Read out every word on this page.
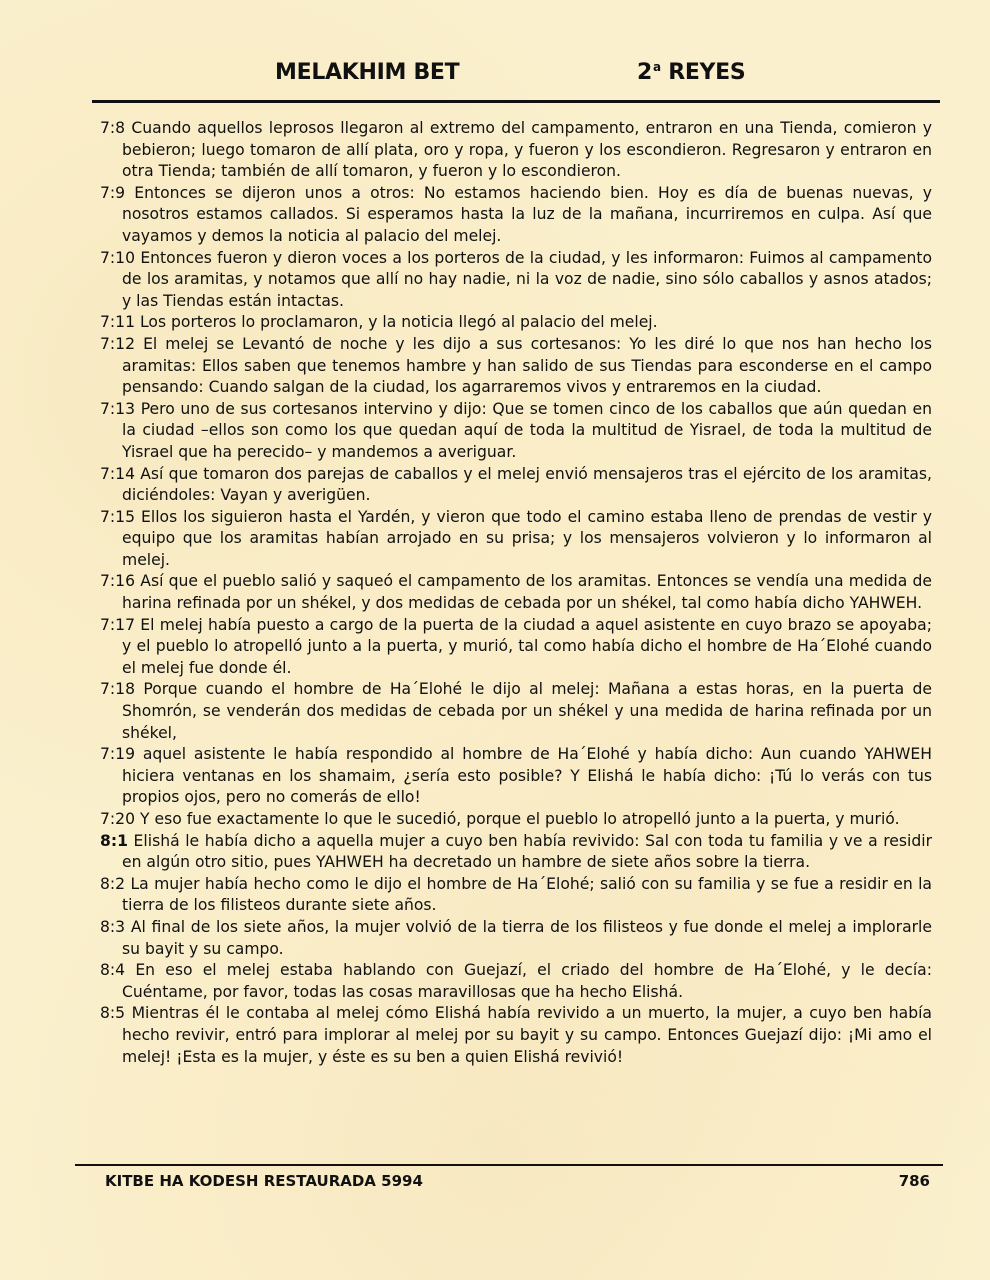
MELAKHIM BET	2$^a$ REYES

7:8 Cuando aquellos leprosos llegaron al extremo del campamento, entraron en una Tienda, comieron y bebieron; luego tomaron de allí plata, oro y ropa, y fueron y los escondieron. Regresaron y entraron en otra Tienda; también de allí tomaron, y fueron y lo escondieron.

7:9 Entonces se dijeron unos a otros: No estamos haciendo bien. Hoy es día de buenas nuevas, y nosotros estamos callados. Si esperamos hasta la luz de la mañana, incurriremos en culpa. Así que vayamos y demos la noticia al palacio del melej.

7:10 Entonces fueron y dieron voces a los porteros de la ciudad, y les informaron: Fuimos al campamento de los aramitas, y notamos que allí no hay nadie, ni la voz de nadie, sino sólo caballos y asnos atados; y las Tiendas están intactas.

7:11 Los porteros lo proclamaron, y la noticia llegó al palacio del melej.

7:12 El melej se Levantó de noche y les dijo a sus cortesanos: Yo les diré lo que nos han hecho los aramitas: Ellos saben que tenemos hambre y han salido de sus Tiendas para esconderse en el campo pensando: Cuando salgan de la ciudad, los agarraremos vivos y entraremos en la ciudad.

7:13 Pero uno de sus cortesanos intervino y dijo: Que se tomen cinco de los caballos que aún quedan en la ciudad –ellos son como los que quedan aquí de toda la multitud de Yisrael, de toda la multitud de Yisrael que ha perecido– y mandemos a averiguar.

7:14 Así que tomaron dos parejas de caballos y el melej envió mensajeros tras el ejército de los aramitas, diciéndoles: Vayan y averigüen.

7:15 Ellos los siguieron hasta el Yardén, y vieron que todo el camino estaba lleno de prendas de vestir y equipo que los aramitas habían arrojado en su prisa; y los mensajeros volvieron y lo informaron al melej.

7:16 Así que el pueblo salió y saqueó el campamento de los aramitas. Entonces se vendía una medida de harina refinada por un shékel, y dos medidas de cebada por un shékel, tal como había dicho YAHWEH.

7:17 El melej había puesto a cargo de la puerta de la ciudad a aquel asistente en cuyo brazo se apoyaba; y el pueblo lo atropelló junto a la puerta, y murió, tal como había dicho el hombre de Ha´Elohé cuando el melej fue donde él.

7:18 Porque cuando el hombre de Ha´Elohé le dijo al melej: Mañana a estas horas, en la puerta de Shomrón, se venderán dos medidas de cebada por un shékel y una medida de harina refinada por un shékel,

7:19 aquel asistente le había respondido al hombre de Ha´Elohé y había dicho: Aun cuando YAHWEH hiciera ventanas en los shamaim, ¿sería esto posible? Y Elishá le había dicho: ¡Tú lo verás con tus propios ojos, pero no comerás de ello!

7:20 Y eso fue exactamente lo que le sucedió, porque el pueblo lo atropelló junto a la puerta, y murió.

8:1 Elishá le había dicho a aquella mujer a cuyo ben había revivido: Sal con toda tu familia y ve a residir en algún otro sitio, pues YAHWEH ha decretado un hambre de siete años sobre la tierra.

8:2 La mujer había hecho como le dijo el hombre de Ha´Elohé; salió con su familia y se fue a residir en la tierra de los filisteos durante siete años.

8:3 Al final de los siete años, la mujer volvió de la tierra de los filisteos y fue donde el melej a implorarle su bayit y su campo.

8:4 En eso el melej estaba hablando con Guejazí, el criado del hombre de Ha´Elohé, y le decía: Cuéntame, por favor, todas las cosas maravillosas que ha hecho Elishá.

8:5 Mientras él le contaba al melej cómo Elishá había revivido a un muerto, la mujer, a cuyo ben había hecho revivir, entró para implorar al melej por su bayit y su campo. Entonces Guejazí dijo: ¡Mi amo el melej! ¡Esta es la mujer, y éste es su ben a quien Elishá revivió!

KITBE HA KODESH RESTAURADA 5994	786
